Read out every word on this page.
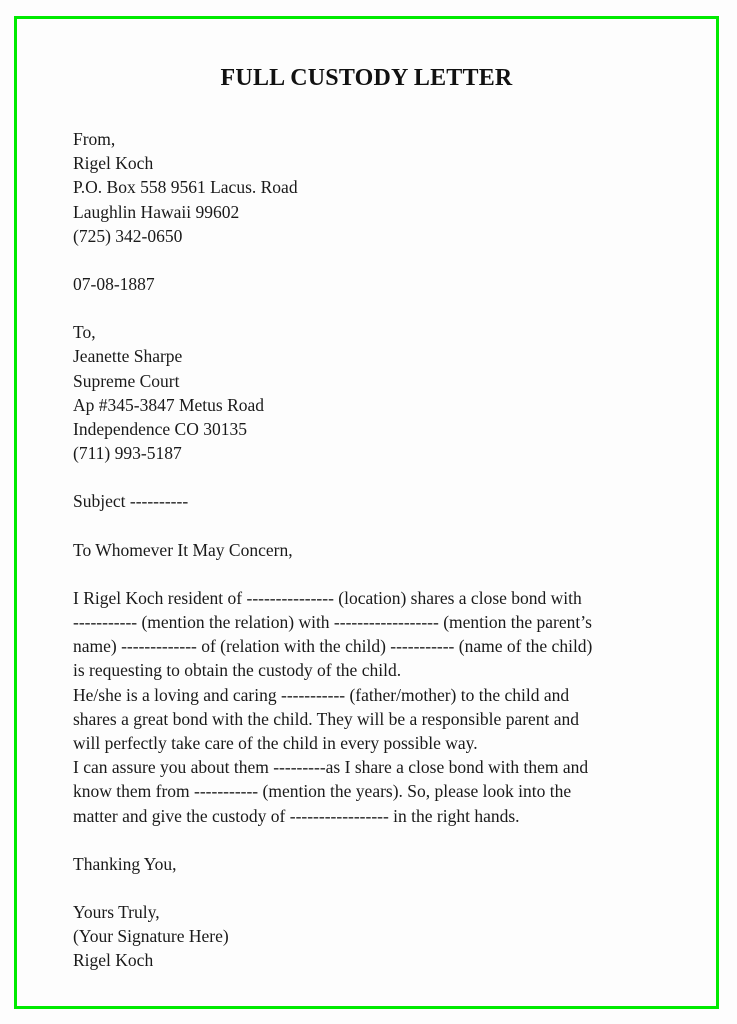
FULL CUSTODY LETTER
From,
Rigel Koch
P.O. Box 558 9561 Lacus. Road
Laughlin Hawaii 99602
(725) 342-0650
07-08-1887
To,
Jeanette Sharpe
Supreme Court
Ap #345-3847 Metus Road
Independence CO 30135
(711) 993-5187
Subject ----------
To Whomever It May Concern,
I Rigel Koch resident of --------------- (location) shares a close bond with
----------- (mention the relation) with ------------------ (mention the parent’s
name) ------------- of (relation with the child) ----------- (name of the child)
is requesting to obtain the custody of the child.
He/she is a loving and caring ----------- (father/mother) to the child and
shares a great bond with the child. They will be a responsible parent and
will perfectly take care of the child in every possible way.
I can assure you about them ---------as I share a close bond with them and
know them from ----------- (mention the years). So, please look into the
matter and give the custody of ----------------- in the right hands.
Thanking You,
Yours Truly,
(Your Signature Here)
Rigel Koch
